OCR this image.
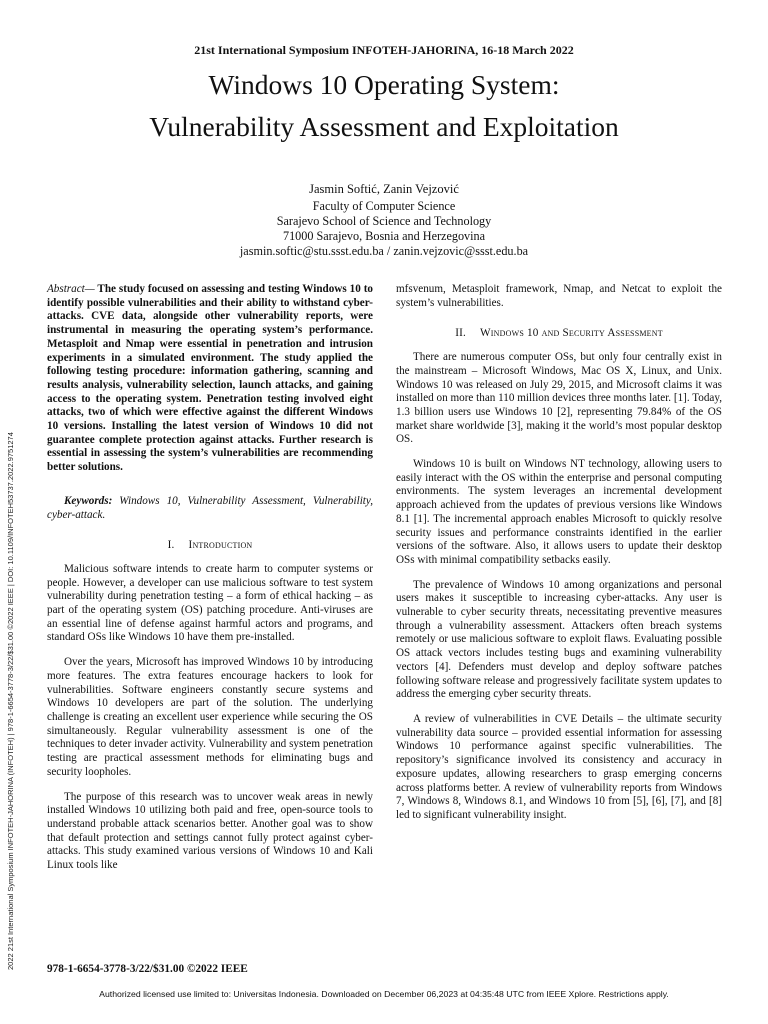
21st International Symposium INFOTEH-JAHORINA, 16-18 March 2022
Windows 10 Operating System:
Vulnerability Assessment and Exploitation
Jasmin Softić, Zanin Vejzović
Faculty of Computer Science
Sarajevo School of Science and Technology
71000 Sarajevo, Bosnia and Herzegovina
jasmin.softic@stu.ssst.edu.ba / zanin.vejzovic@ssst.edu.ba
2022 21st International Symposium INFOTEH-JAHORINA (INFOTEH) | 978-1-6654-3778-3/22/$31.00 ©2022 IEEE | DOI: 10.1109/INFOTEH53737.2022.9751274

Abstract— The study focused on assessing and testing Windows 10 to identify possible vulnerabilities and their ability to withstand cyber-attacks. CVE data, alongside other vulnerability reports, were instrumental in measuring the operating system’s performance. Metasploit and Nmap were essential in penetration and intrusion experiments in a simulated environment. The study applied the following testing procedure: information gathering, scanning and results analysis, vulnerability selection, launch attacks, and gaining access to the operating system. Penetration testing involved eight attacks, two of which were effective against the different Windows 10 versions. Installing the latest version of Windows 10 did not guarantee complete protection against attacks. Further research is essential in assessing the system’s vulnerabilities are recommending better solutions.

Keywords: Windows 10, Vulnerability Assessment, Vulnerability, cyber-attack.

I. Introduction

Malicious software intends to create harm to computer systems or people. However, a developer can use malicious software to test system vulnerability during penetration testing – a form of ethical hacking – as part of the operating system (OS) patching procedure. Anti-viruses are an essential line of defense against harmful actors and programs, and standard OSs like Windows 10 have them pre-installed.

Over the years, Microsoft has improved Windows 10 by introducing more features. The extra features encourage hackers to look for vulnerabilities. Software engineers constantly secure systems and Windows 10 developers are part of the solution. The underlying challenge is creating an excellent user experience while securing the OS simultaneously. Regular vulnerability assessment is one of the techniques to deter invader activity. Vulnerability and system penetration testing are practical assessment methods for eliminating bugs and security loopholes.

The purpose of this research was to uncover weak areas in newly installed Windows 10 utilizing both paid and free, open-source tools to understand probable attack scenarios better. Another goal was to show that default protection and settings cannot fully protect against cyber-attacks. This study examined various versions of Windows 10 and Kali Linux tools like

mfsvenum, Metasploit framework, Nmap, and Netcat to exploit the system’s vulnerabilities.

II. Windows 10 and Security Assessment

There are numerous computer OSs, but only four centrally exist in the mainstream – Microsoft Windows, Mac OS X, Linux, and Unix. Windows 10 was released on July 29, 2015, and Microsoft claims it was installed on more than 110 million devices three months later. [1]. Today, 1.3 billion users use Windows 10 [2], representing 79.84% of the OS market share worldwide [3], making it the world’s most popular desktop OS.

Windows 10 is built on Windows NT technology, allowing users to easily interact with the OS within the enterprise and personal computing environments. The system leverages an incremental development approach achieved from the updates of previous versions like Windows 8.1 [1]. The incremental approach enables Microsoft to quickly resolve security issues and performance constraints identified in the earlier versions of the software. Also, it allows users to update their desktop OSs with minimal compatibility setbacks easily.

The prevalence of Windows 10 among organizations and personal users makes it susceptible to increasing cyber-attacks. Any user is vulnerable to cyber security threats, necessitating preventive measures through a vulnerability assessment. Attackers often breach systems remotely or use malicious software to exploit flaws. Evaluating possible OS attack vectors includes testing bugs and examining vulnerability vectors [4]. Defenders must develop and deploy software patches following software release and progressively facilitate system updates to address the emerging cyber security threats.

A review of vulnerabilities in CVE Details – the ultimate security vulnerability data source – provided essential information for assessing Windows 10 performance against specific vulnerabilities. The repository’s significance involved its consistency and accuracy in exposure updates, allowing researchers to grasp emerging concerns across platforms better. A review of vulnerability reports from Windows 7, Windows 8, Windows 8.1, and Windows 10 from [5], [6], [7], and [8] led to significant vulnerability insight.

978-1-6654-3778-3/22/$31.00 ©2022 IEEE
Authorized licensed use limited to: Universitas Indonesia. Downloaded on December 06,2023 at 04:35:48 UTC from IEEE Xplore. Restrictions apply.
